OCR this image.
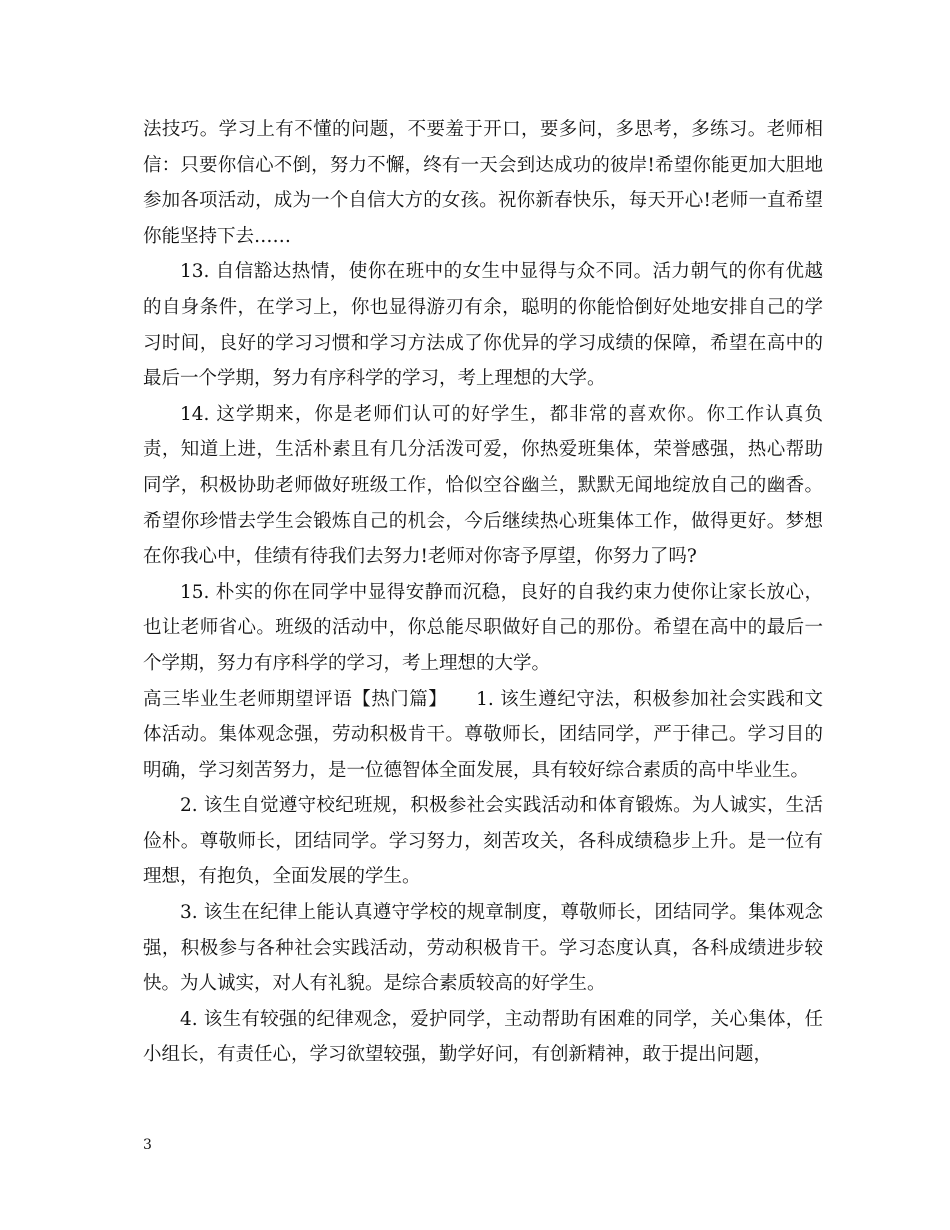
法技巧。学习上有不懂的问题，不要羞于开口，要多问，多思考，多练习。老师相信：只要你信心不倒，努力不懈，终有一天会到达成功的彼岸!希望你能更加大胆地参加各项活动，成为一个自信大方的女孩。祝你新春快乐，每天开心!老师一直希望你能坚持下去……

13. 自信豁达热情，使你在班中的女生中显得与众不同。活力朝气的你有优越的自身条件，在学习上，你也显得游刃有余，聪明的你能恰倒好处地安排自己的学习时间，良好的学习习惯和学习方法成了你优异的学习成绩的保障，希望在高中的最后一个学期，努力有序科学的学习，考上理想的大学。

14. 这学期来，你是老师们认可的好学生，都非常的喜欢你。你工作认真负责，知道上进，生活朴素且有几分活泼可爱，你热爱班集体，荣誉感强，热心帮助同学，积极协助老师做好班级工作，恰似空谷幽兰，默默无闻地绽放自己的幽香。希望你珍惜去学生会锻炼自己的机会，今后继续热心班集体工作，做得更好。梦想在你我心中，佳绩有待我们去努力!老师对你寄予厚望，你努力了吗?

15. 朴实的你在同学中显得安静而沉稳，良好的自我约束力使你让家长放心，也让老师省心。班级的活动中，你总能尽职做好自己的那份。希望在高中的最后一个学期，努力有序科学的学习，考上理想的大学。

高三毕业生老师期望评语【热门篇】　　1. 该生遵纪守法，积极参加社会实践和文体活动。集体观念强，劳动积极肯干。尊敬师长，团结同学，严于律己。学习目的明确，学习刻苦努力，是一位德智体全面发展，具有较好综合素质的高中毕业生。

2. 该生自觉遵守校纪班规，积极参社会实践活动和体育锻炼。为人诚实，生活俭朴。尊敬师长，团结同学。学习努力，刻苦攻关，各科成绩稳步上升。是一位有理想，有抱负，全面发展的学生。

3. 该生在纪律上能认真遵守学校的规章制度，尊敬师长，团结同学。集体观念强，积极参与各种社会实践活动，劳动积极肯干。学习态度认真，各科成绩进步较快。为人诚实，对人有礼貌。是综合素质较高的好学生。

4. 该生有较强的纪律观念，爱护同学，主动帮助有困难的同学，关心集体，任小组长，有责任心，学习欲望较强，勤学好问，有创新精神，敢于提出问题，

3
